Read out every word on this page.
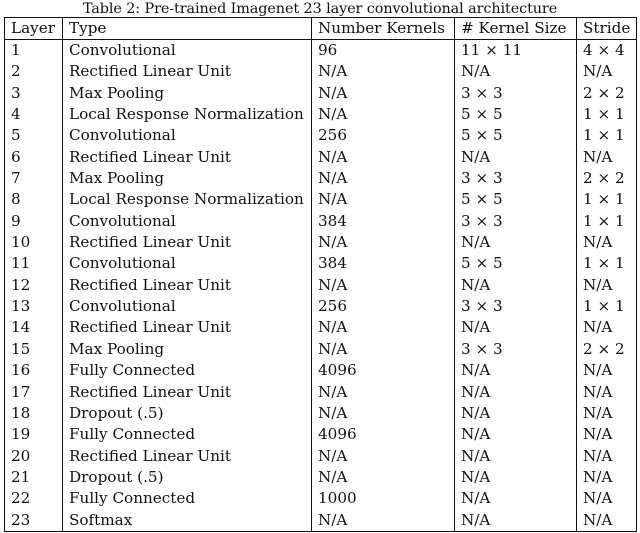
Table 2: Pre-trained Imagenet 23 layer convolutional architecture
Layer	Type	Number Kernels	# Kernel Size	Stride
1	Convolutional	96	11 × 11	4 × 4
2	Rectified Linear Unit	N/A	N/A	N/A
3	Max Pooling	N/A	3 × 3	2 × 2
4	Local Response Normalization	N/A	5 × 5	1 × 1
5	Convolutional	256	5 × 5	1 × 1
6	Rectified Linear Unit	N/A	N/A	N/A
7	Max Pooling	N/A	3 × 3	2 × 2
8	Local Response Normalization	N/A	5 × 5	1 × 1
9	Convolutional	384	3 × 3	1 × 1
10	Rectified Linear Unit	N/A	N/A	N/A
11	Convolutional	384	5 × 5	1 × 1
12	Rectified Linear Unit	N/A	N/A	N/A
13	Convolutional	256	3 × 3	1 × 1
14	Rectified Linear Unit	N/A	N/A	N/A
15	Max Pooling	N/A	3 × 3	2 × 2
16	Fully Connected	4096	N/A	N/A
17	Rectified Linear Unit	N/A	N/A	N/A
18	Dropout (.5)	N/A	N/A	N/A
19	Fully Connected	4096	N/A	N/A
20	Rectified Linear Unit	N/A	N/A	N/A
21	Dropout (.5)	N/A	N/A	N/A
22	Fully Connected	1000	N/A	N/A
23	Softmax	N/A	N/A	N/A
